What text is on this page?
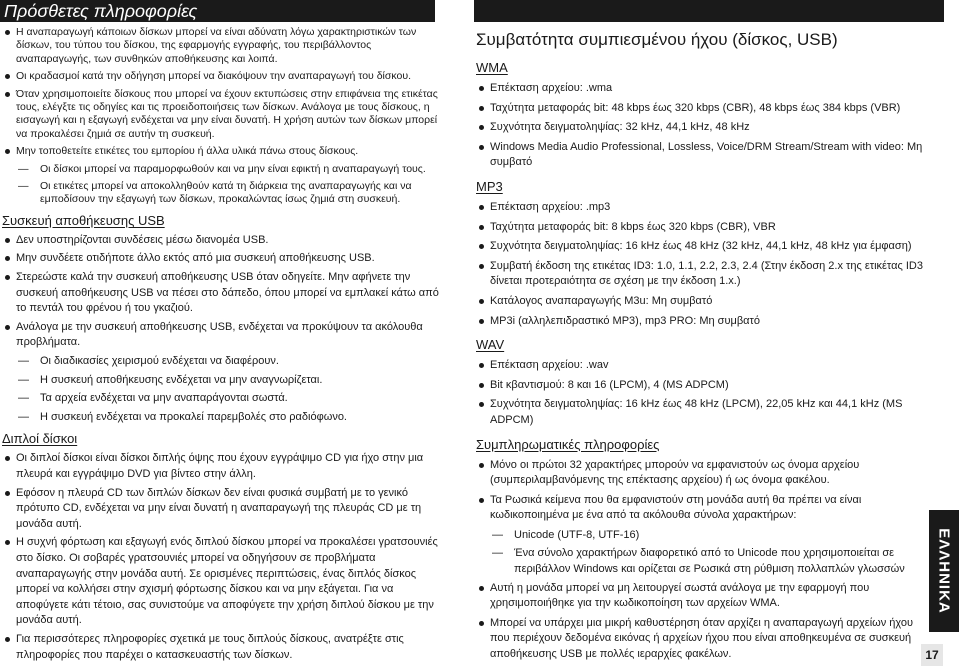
Πρόσθετες πληροφορίες
Η αναπαραγωγή κάποιων δίσκων μπορεί να είναι αδύνατη λόγω χαρακτηριστικών των δίσκων, του τύπου του δίσκου, της εφαρμογής εγγραφής, του περιβάλλοντος αναπαραγωγής, των συνθηκών αποθήκευσης και λοιπά.
Οι κραδασμοί κατά την οδήγηση μπορεί να διακόψουν την αναπαραγωγή του δίσκου.
Όταν χρησιμοποιείτε δίσκους που μπορεί να έχουν εκτυπώσεις στην επιφάνεια της ετικέτας τους, ελέγξτε τις οδηγίες και τις προειδοποιήσεις των δίσκων. Ανάλογα με τους δίσκους, η εισαγωγή και η εξαγωγή ενδέχεται να μην είναι δυνατή. Η χρήση αυτών των δίσκων μπορεί να προκαλέσει ζημιά σε αυτήν τη συσκευή.
Μην τοποθετείτε ετικέτες του εμπορίου ή άλλα υλικά πάνω στους δίσκους.
— Οι δίσκοι μπορεί να παραμορφωθούν και να μην είναι εφικτή η αναπαραγωγή τους.
— Οι ετικέτες μπορεί να αποκολληθούν κατά τη διάρκεια της αναπαραγωγής και να εμποδίσουν την εξαγωγή των δίσκων, προκαλώντας ίσως ζημιά στη συσκευή.
Συσκευή αποθήκευσης USB
Δεν υποστηρίζονται συνδέσεις μέσω διανομέα USB.
Μην συνδέετε οτιδήποτε άλλο εκτός από μια συσκευή αποθήκευσης USB.
Στερεώστε καλά την συσκευή αποθήκευσης USB όταν οδηγείτε. Μην αφήνετε την συσκευή αποθήκευσης USB να πέσει στο δάπεδο, όπου μπορεί να εμπλακεί κάτω από το πεντάλ του φρένου ή του γκαζιού.
Ανάλογα με την συσκευή αποθήκευσης USB, ενδέχεται να προκύψουν τα ακόλουθα προβλήματα.
— Οι διαδικασίες χειρισμού ενδέχεται να διαφέρουν.
— Η συσκευή αποθήκευσης ενδέχεται να μην αναγνωρίζεται.
— Τα αρχεία ενδέχεται να μην αναπαράγονται σωστά.
— Η συσκευή ενδέχεται να προκαλεί παρεμβολές στο ραδιόφωνο.
Διπλοί δίσκοι
Οι διπλοί δίσκοι είναι δίσκοι διπλής όψης που έχουν εγγράψιμο CD για ήχο στην μια πλευρά και εγγράψιμο DVD για βίντεο στην άλλη.
Εφόσον η πλευρά CD των διπλών δίσκων δεν είναι φυσικά συμβατή με το γενικό πρότυπο CD, ενδέχεται να μην είναι δυνατή η αναπαραγωγή της πλευράς CD με τη μονάδα αυτή.
Η συχνή φόρτωση και εξαγωγή ενός διπλού δίσκου μπορεί να προκαλέσει γρατσουνιές στο δίσκο. Οι σοβαρές γρατσουνιές μπορεί να οδηγήσουν σε προβλήματα αναπαραγωγής στην μονάδα αυτή. Σε ορισμένες περιπτώσεις, ένας διπλός δίσκος μπορεί να κολλήσει στην σχισμή φόρτωσης δίσκου και να μην εξάγεται. Για να αποφύγετε κάτι τέτοιο, σας συνιστούμε να αποφύγετε την χρήση διπλού δίσκου με την μονάδα αυτή.
Για περισσότερες πληροφορίες σχετικά με τους διπλούς δίσκους, ανατρέξτε στις πληροφορίες που παρέχει ο κατασκευαστής των δίσκων.
Συμβατότητα συμπιεσμένου ήχου (δίσκος, USB)
WMA
Επέκταση αρχείου: .wma
Ταχύτητα μεταφοράς bit: 48 kbps έως 320 kbps (CBR), 48 kbps έως 384 kbps (VBR)
Συχνότητα δειγματοληψίας: 32 kHz, 44,1 kHz, 48 kHz
Windows Media Audio Professional, Lossless, Voice/DRM Stream/Stream with video: Μη συμβατό
MP3
Επέκταση αρχείου: .mp3
Ταχύτητα μεταφοράς bit: 8 kbps έως 320 kbps (CBR), VBR
Συχνότητα δειγματοληψίας: 16 kHz έως 48 kHz (32 kHz, 44,1 kHz, 48 kHz για έμφαση)
Συμβατή έκδοση της ετικέτας ID3: 1.0, 1.1, 2.2, 2.3, 2.4 (Στην έκδοση 2.x της ετικέτας ID3 δίνεται προτεραιότητα σε σχέση με την έκδοση 1.x.)
Κατάλογος αναπαραγωγής M3u: Μη συμβατό
MP3i (αλληλεπιδραστικό MP3), mp3 PRO: Μη συμβατό
WAV
Επέκταση αρχείου: .wav
Bit κβαντισμού: 8 και 16 (LPCM), 4 (MS ADPCM)
Συχνότητα δειγματοληψίας: 16 kHz έως 48 kHz (LPCM), 22,05 kHz και 44,1 kHz (MS ADPCM)
Συμπληρωματικές πληροφορίες
Μόνο οι πρώτοι 32 χαρακτήρες μπορούν να εμφανιστούν ως όνομα αρχείου (συμπεριλαμβανόμενης της επέκτασης αρχείου) ή ως όνομα φακέλου.
Τα Ρωσικά κείμενα που θα εμφανιστούν στη μονάδα αυτή θα πρέπει να είναι κωδικοποιημένα με ένα από τα ακόλουθα σύνολα χαρακτήρων:
— Unicode (UTF-8, UTF-16)
— Ένα σύνολο χαρακτήρων διαφορετικό από το Unicode που χρησιμοποιείται σε περιβάλλον Windows και ορίζεται σε Ρωσικά στη ρύθμιση πολλαπλών γλωσσών
Αυτή η μονάδα μπορεί να μη λειτουργεί σωστά ανάλογα με την εφαρμογή που χρησιμοποιήθηκε για την κωδικοποίηση των αρχείων WMA.
Μπορεί να υπάρχει μια μικρή καθυστέρηση όταν αρχίζει η αναπαραγωγή αρχείων ήχου που περιέχουν δεδομένα εικόνας ή αρχείων ήχου που είναι αποθηκευμένα σε συσκευή αποθήκευσης USB με πολλές ιεραρχίες φακέλων.
ΕΛΛΗΝΙΚΑ
17
